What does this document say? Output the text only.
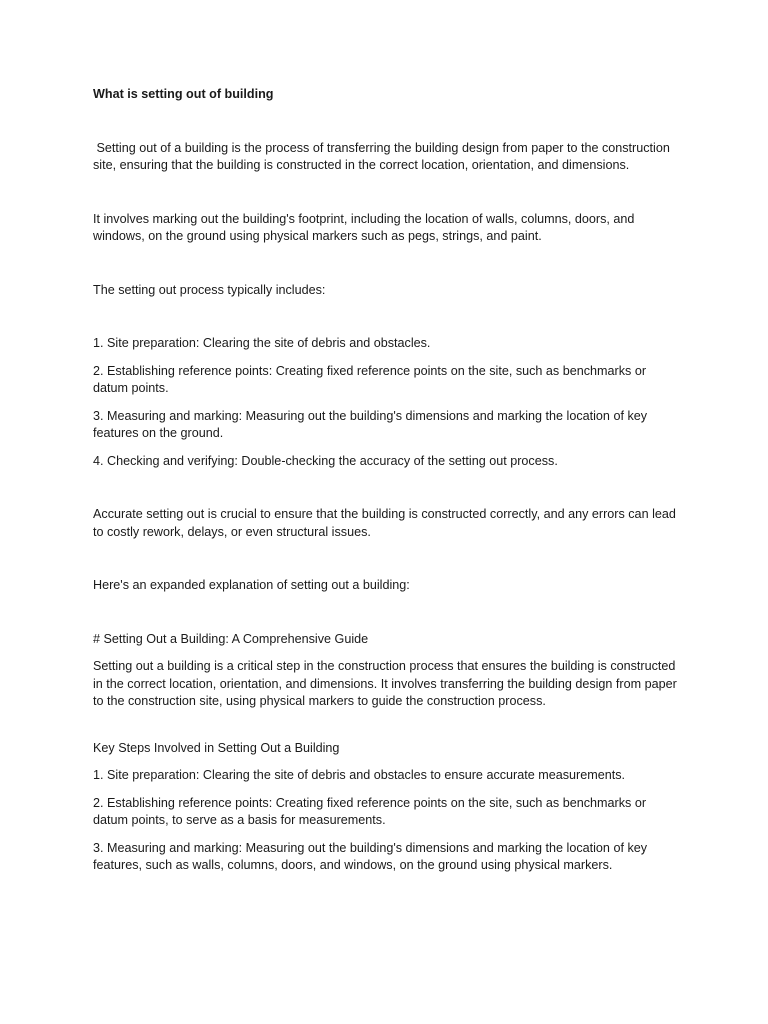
What is setting out of building
Setting out of a building is the process of transferring the building design from paper to the construction site, ensuring that the building is constructed in the correct location, orientation, and dimensions.
It involves marking out the building's footprint, including the location of walls, columns, doors, and windows, on the ground using physical markers such as pegs, strings, and paint.
The setting out process typically includes:
1. Site preparation: Clearing the site of debris and obstacles.
2. Establishing reference points: Creating fixed reference points on the site, such as benchmarks or datum points.
3. Measuring and marking: Measuring out the building's dimensions and marking the location of key features on the ground.
4. Checking and verifying: Double-checking the accuracy of the setting out process.
Accurate setting out is crucial to ensure that the building is constructed correctly, and any errors can lead to costly rework, delays, or even structural issues.
Here's an expanded explanation of setting out a building:
# Setting Out a Building: A Comprehensive Guide
Setting out a building is a critical step in the construction process that ensures the building is constructed in the correct location, orientation, and dimensions. It involves transferring the building design from paper to the construction site, using physical markers to guide the construction process.
Key Steps Involved in Setting Out a Building
1. Site preparation: Clearing the site of debris and obstacles to ensure accurate measurements.
2. Establishing reference points: Creating fixed reference points on the site, such as benchmarks or datum points, to serve as a basis for measurements.
3. Measuring and marking: Measuring out the building's dimensions and marking the location of key features, such as walls, columns, doors, and windows, on the ground using physical markers.
